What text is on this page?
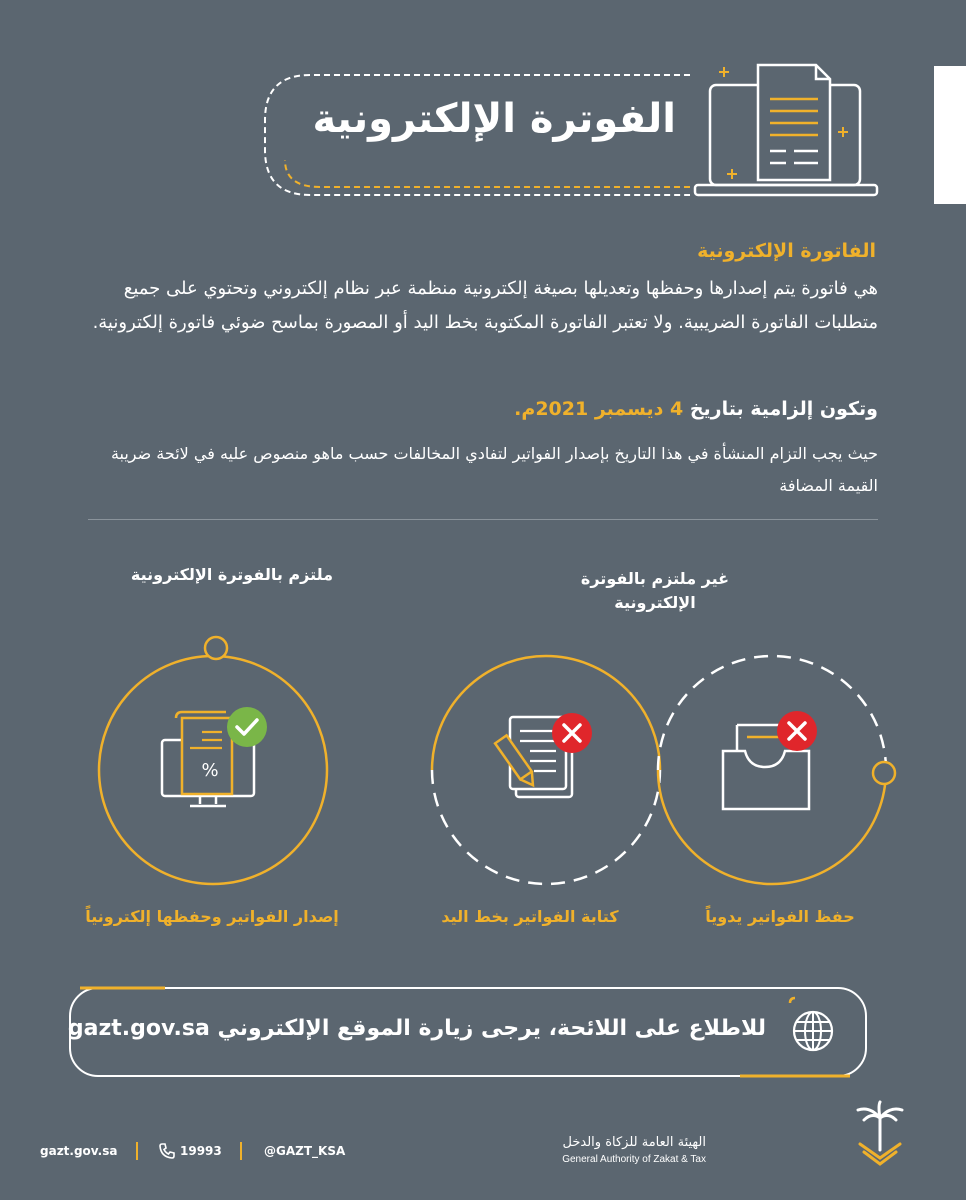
الفوترة الإلكترونية
الفاتورة الإلكترونية
هي فاتورة يتم إصدارها وحفظها وتعديلها بصيغة إلكترونية منظمة عبر نظام إلكتروني وتحتوي على جميع متطلبات الفاتورة الضريبية. ولا تعتبر الفاتورة المكتوبة بخط اليد أو المصورة بماسح ضوئي فاتورة إلكترونية.
وتكون إلزامية بتاريخ 4 ديسمبر 2021م.
حيث يجب التزام المنشأة في هذا التاريخ بإصدار الفواتير لتفادي المخالفات حسب ماهو منصوص عليه في لائحة ضريبة القيمة المضافة
ملتزم بالفوترة الإلكترونية	غير ملتزم بالفوترة الإلكترونية
%
إصدار الفواتير وحفظها إلكترونياً	كتابة الفواتير بخط اليد	حفظ الفواتير يدوياً
للاطلاع على اللائحة، يرجى زيارة الموقع الإلكتروني gazt.gov.sa
gazt.gov.sa	19993	@GAZT_KSA
الهيئة العامة للزكاة والدخل
General Authority of Zakat & Tax
